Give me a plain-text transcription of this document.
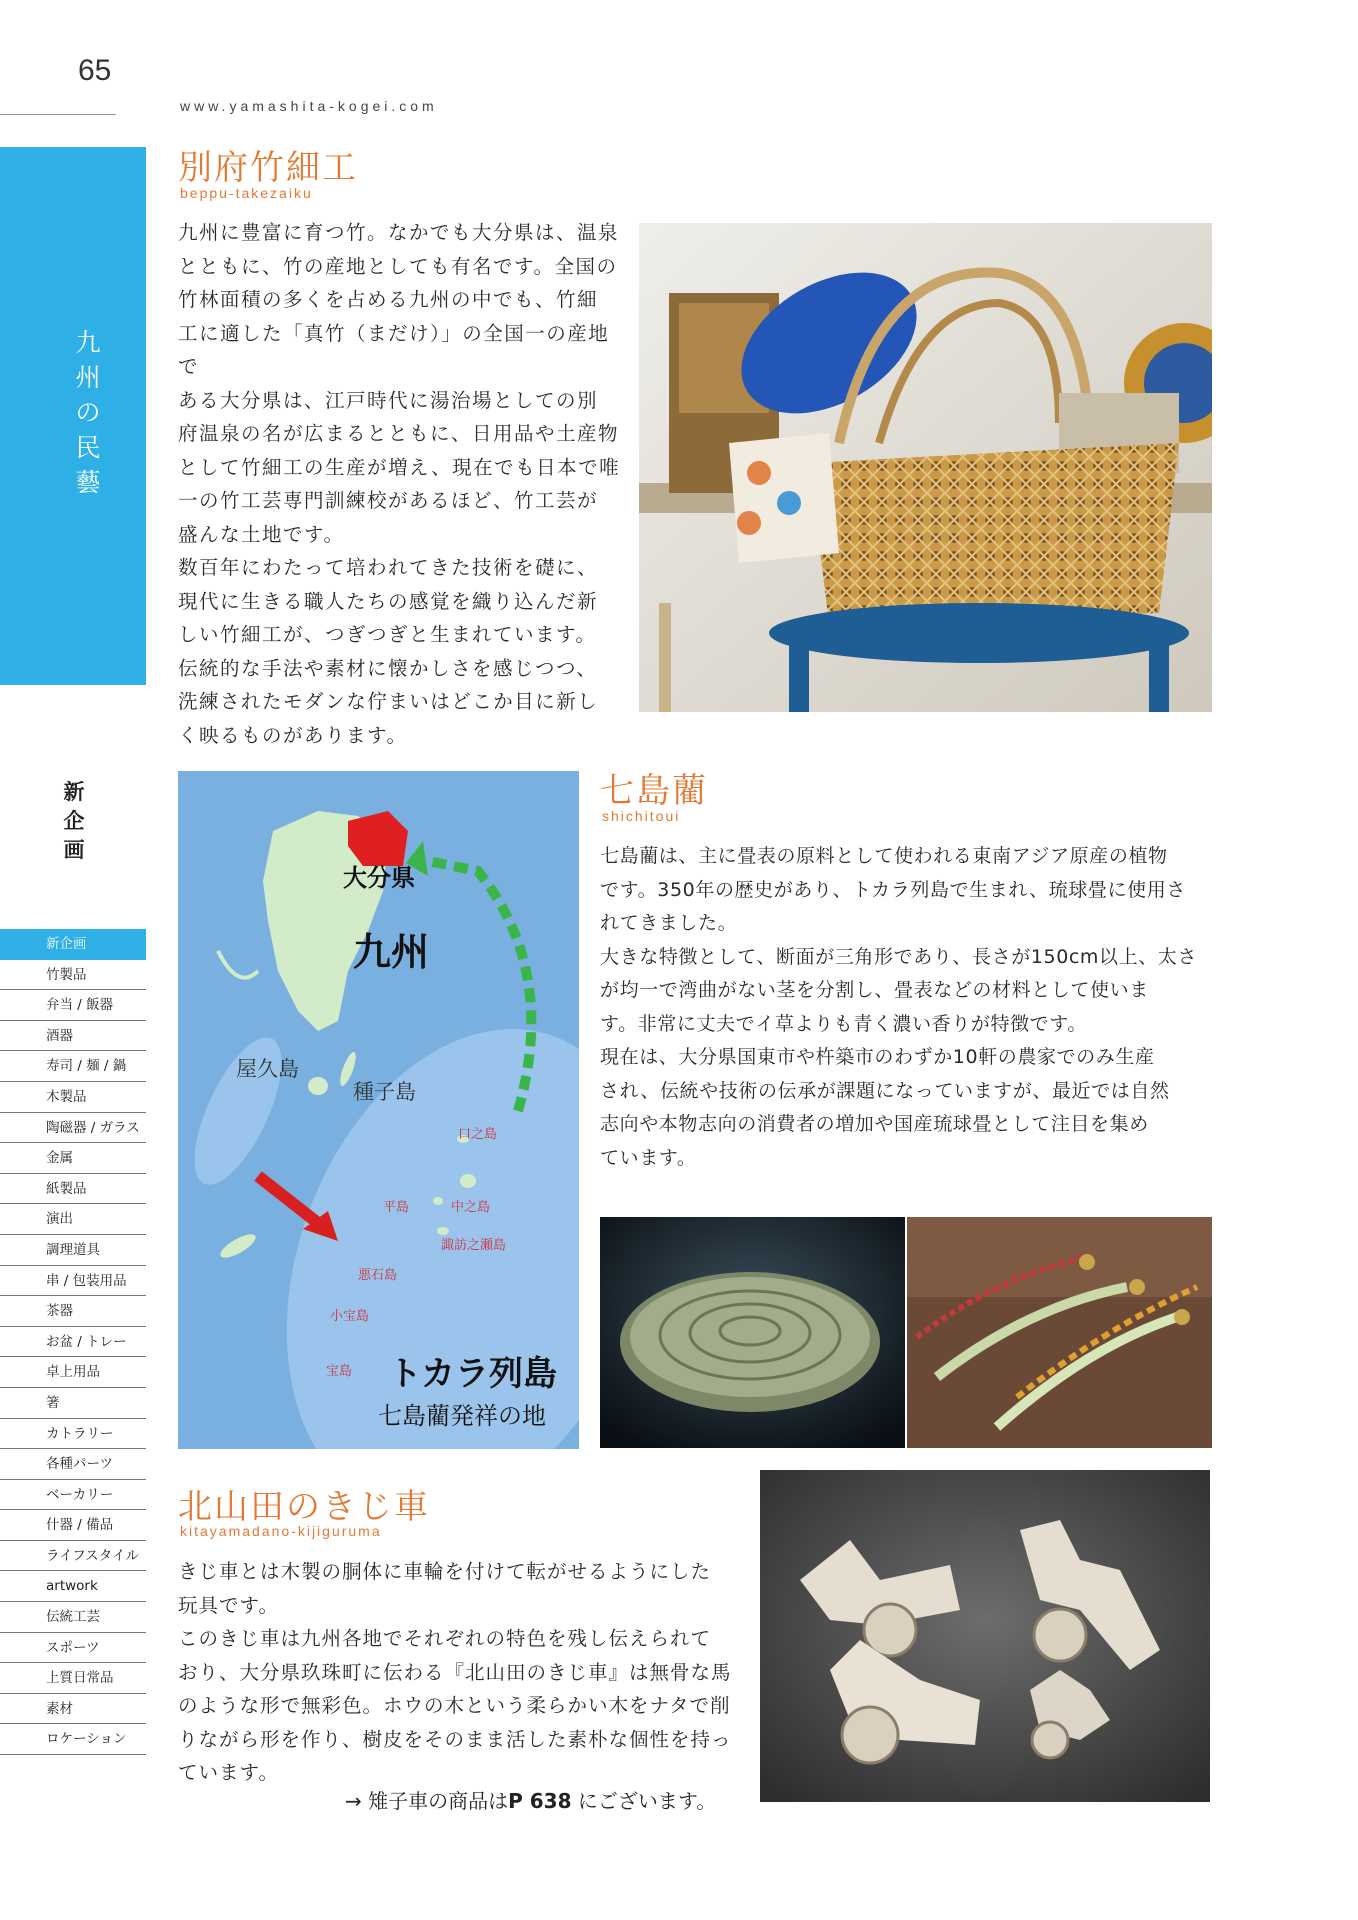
65
www.yamashita-kogei.com
九
州
の
民
藝
新
企
画
新企画
竹製品
弁当 / 飯器
酒器
寿司 / 麺 / 鍋
木製品
陶磁器 / ガラス
金属
紙製品
演出
調理道具
串 / 包装用品
茶器
お盆 / トレー
卓上用品
箸
カトラリー
各種パーツ
ベーカリー
什器 / 備品
ライフスタイル
artwork
伝統工芸
スポーツ
上質日常品
素材
ロケーション
別府竹細工
beppu-takezaiku

九州に豊富に育つ竹。なかでも大分県は、温泉

とともに、竹の産地としても有名です。全国の

竹林面積の多くを占める九州の中でも、竹細

工に適した「真竹（まだけ）」の全国一の産地で

ある大分県は、江戸時代に湯治場としての別

府温泉の名が広まるとともに、日用品や土産物

として竹細工の生産が増え、現在でも日本で唯

一の竹工芸専門訓練校があるほど、竹工芸が

盛んな土地です。

数百年にわたって培われてきた技術を礎に、

現代に生きる職人たちの感覚を織り込んだ新

しい竹細工が、つぎつぎと生まれています。

伝統的な手法や素材に懐かしさを感じつつ、

洗練されたモダンな佇まいはどこか目に新し

く映るものがあります。

大分県
九州
屋久島
種子島
口之島
平島	中之島
諏訪之瀬島
悪石島
小宝島
宝島 トカラ列島
七島藺発祥の地
七島藺
shichitoui

七島藺は、主に畳表の原料として使われる東南アジア原産の植物

です。350年の歴史があり、トカラ列島で生まれ、琉球畳に使用さ

れてきました。

大きな特徴として、断面が三角形であり、長さが150cm以上、太さ

が均一で湾曲がない茎を分割し、畳表などの材料として使いま

す。非常に丈夫でイ草よりも青く濃い香りが特徴です。

現在は、大分県国東市や杵築市のわずか10軒の農家でのみ生産

され、伝統や技術の伝承が課題になっていますが、最近では自然

志向や本物志向の消費者の増加や国産琉球畳として注目を集め

ています。

北山田のきじ車
kitayamadano-kijiguruma

きじ車とは木製の胴体に車輪を付けて転がせるようにした

玩具です。

このきじ車は九州各地でそれぞれの特色を残し伝えられて

おり、大分県玖珠町に伝わる『北山田のきじ車』は無骨な馬

のような形で無彩色。ホウの木という柔らかい木をナタで削

りながら形を作り、樹皮をそのまま活した素朴な個性を持っ

ています。

→ 雉子車の商品はP 638 にございます。
